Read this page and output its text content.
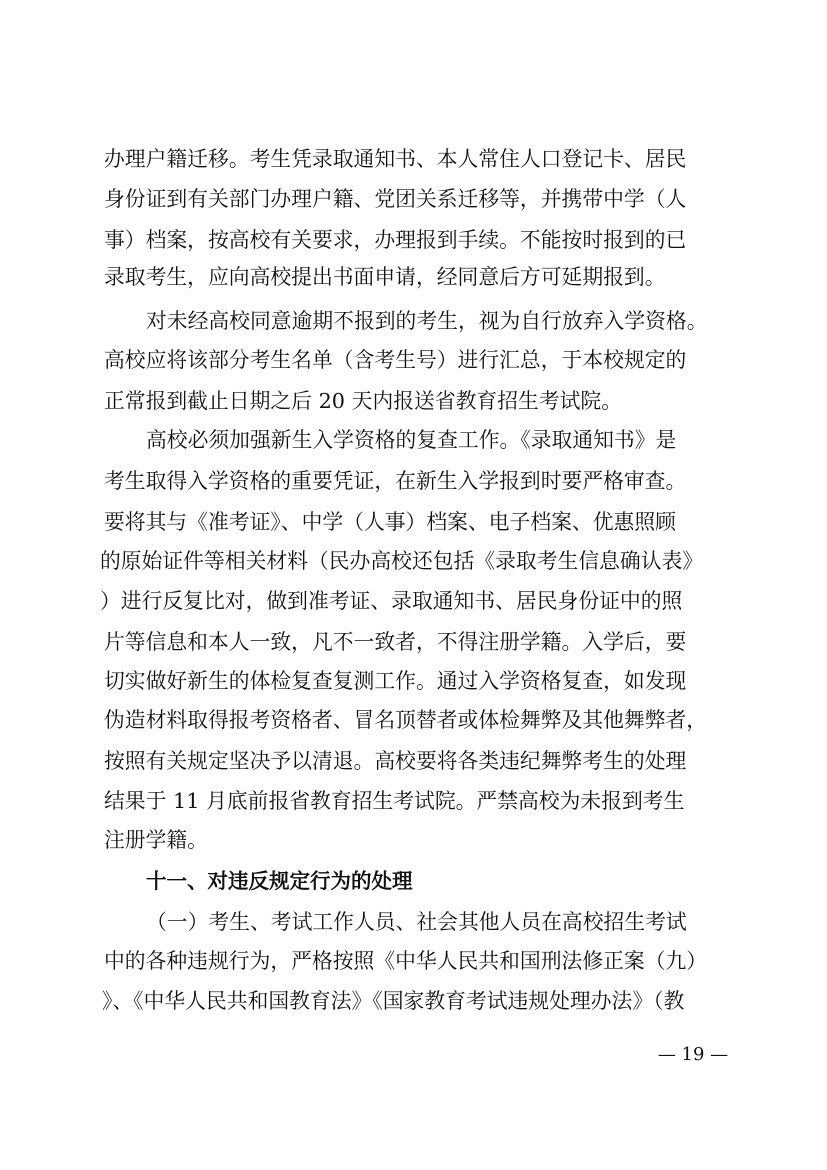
办理户籍迁移。考生凭录取通知书、本人常住人口登记卡、居民
身份证到有关部门办理户籍、党团关系迁移等，并携带中学（人
事）档案，按高校有关要求，办理报到手续。不能按时报到的已
录取考生，应向高校提出书面申请，经同意后方可延期报到。
对未经高校同意逾期不报到的考生，视为自行放弃入学资格。
高校应将该部分考生名单（含考生号）进行汇总，于本校规定的
正常报到截止日期之后 20 天内报送省教育招生考试院。
高校必须加强新生入学资格的复查工作。《录取通知书》是
考生取得入学资格的重要凭证，在新生入学报到时要严格审查。
要将其与《准考证》、中学（人事）档案、电子档案、优惠照顾
的原始证件等相关材料（民办高校还包括《录取考生信息确认表》
）进行反复比对，做到准考证、录取通知书、居民身份证中的照
片等信息和本人一致，凡不一致者，不得注册学籍。入学后，要
切实做好新生的体检复查复测工作。通过入学资格复查，如发现
伪造材料取得报考资格者、冒名顶替者或体检舞弊及其他舞弊者，
按照有关规定坚决予以清退。高校要将各类违纪舞弊考生的处理
结果于 11 月底前报省教育招生考试院。严禁高校为未报到考生
注册学籍。
十一、对违反规定行为的处理
（一）考生、考试工作人员、社会其他人员在高校招生考试
中的各种违规行为，严格按照《中华人民共和国刑法修正案（九）
》、《中华人民共和国教育法》《国家教育考试违规处理办法》（教
— 19 —
